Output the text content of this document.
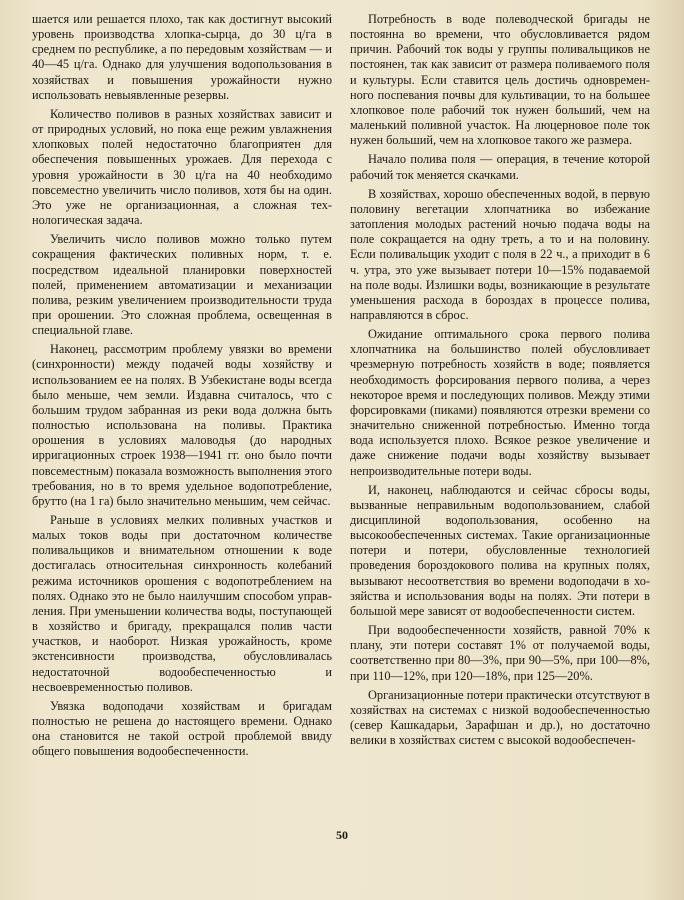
шается или решается плохо, так как достигнут высокий уровень производства хлопка-сырца, до 30 ц/га в среднем по республике, а по передовым хозяйствам — и 40—45 ц/га. Однако для улучшения водопользования в хозяйствах и повышения урожайности нужно использовать невыявленные резервы.

Количество поливов в разных хозяйствах зависит и от природных условий, но пока еще режим увлажнения хлопковых полей недостаточно благоприятен для обеспечения повышенных урожаев. Для перехода с уровня урожайности в 30 ц/га на 40 необходимо повсеместно увеличить число поливов, хотя бы на один. Это уже не организационная, а сложная технологическая задача.

Увеличить число поливов можно только путем сокращения фактических поливных норм, т. е. посредством идеальной планировки поверхностей полей, применением автоматизации и механизации полива, резким увеличением производительности труда при орошении. Это сложная проблема, освещенная в специальной главе.

Наконец, рассмотрим проблему увязки во времени (синхронности) между подачей воды хозяйству и использованием ее на полях. В Узбекистане воды всегда было меньше, чем земли. Издавна считалось, что с большим трудом забранная из реки вода должна быть полностью использована на поливы. Практика орошения в условиях маловодья (до народных ирригационных строек 1938—1941 гг. оно было почти повсеместным) показала возможность выполнения этого требования, но в то время удельное водопотребление, брутто (на 1 га) было значительно меньшим, чем сейчас.

Раньше в условиях мелких поливных участков и малых токов воды при достаточном количестве поливальщиков и внимательном отношении к воде достигалась относительная синхронность колебаний режима источников орошения с водопотреблением на полях. Однако это не было наилучшим способом управления. При уменьшении количества воды, поступающей в хозяйство и бригаду, прекращался полив части участков, и наоборот. Низкая урожайность, кроме экстенсивности производства, обусловливалась недостаточной водообеспеченностью и несвоевременностью поливов.

Увязка водоподачи хозяйствам и бригадам полностью не решена до настоящего времени. Однако она становится не такой острой проблемой ввиду общего повышения водообеспеченности.

Потребность в воде полеводческой бригады не постоянна во времени, что обусловливается рядом причин. Рабочий ток воды у группы поливальщиков не постоянен, так как зависит от размера поливаемого поля и культуры. Если ставится цель достичь одновременного поспевания почвы для культивации, то на большее хлопковое поле рабочий ток нужен больший, чем на маленький поливной участок. На люцерновое поле ток нужен больший, чем на хлопковое такого же размера.

Начало полива поля — операция, в течение которой рабочий ток меняется скачками.

В хозяйствах, хорошо обеспеченных водой, в первую половину вегетации хлопчатника во избежание затопления молодых растений ночью подача воды на поле сокращается на одну треть, а то и на половину. Если поливальщик уходит с поля в 22 ч., а приходит в 6 ч. утра, это уже вызывает потери 10—15% подаваемой на поле воды. Излишки воды, возникающие в результате уменьшения расхода в бороздах в процессе полива, направляются в сброс.

Ожидание оптимального срока первого полива хлопчатника на большинство полей обусловливает чрезмерную потребность хозяйств в воде; появляется необходимость форсирования первого полива, а через некоторое время и последующих поливов. Между этими форсировками (пиками) появляются отрезки времени со значительно сниженной потребностью. Именно тогда вода используется плохо. Всякое резкое увеличение и даже снижение подачи воды хозяйству вызывает непроизводительные потери воды.

И, наконец, наблюдаются и сейчас сбросы воды, вызванные неправильным водопользованием, слабой дисциплиной водопользования, особенно на высокообеспеченных системах. Такие организационные потери и потери, обусловленные технологией проведения бороздокового полива на крупных полях, вызывают несоответствия во времени водоподачи в хозяйства и использования воды на полях. Эти потери в большой мере зависят от водообеспеченности систем.

При водообеспеченности хозяйств, равной 70% к плану, эти потери составят 1% от получаемой воды, соответственно при 80—3%, при 90—5%, при 100—8%, при 110—12%, при 120—18%, при 125—20%.

Организационные потери практически отсутствуют в хозяйствах на системах с низкой водообеспеченностью (север Кашкадарьи, Зарафшан и др.), но достаточно велики в хозяйствах систем с высокой водообеспечен-

50
